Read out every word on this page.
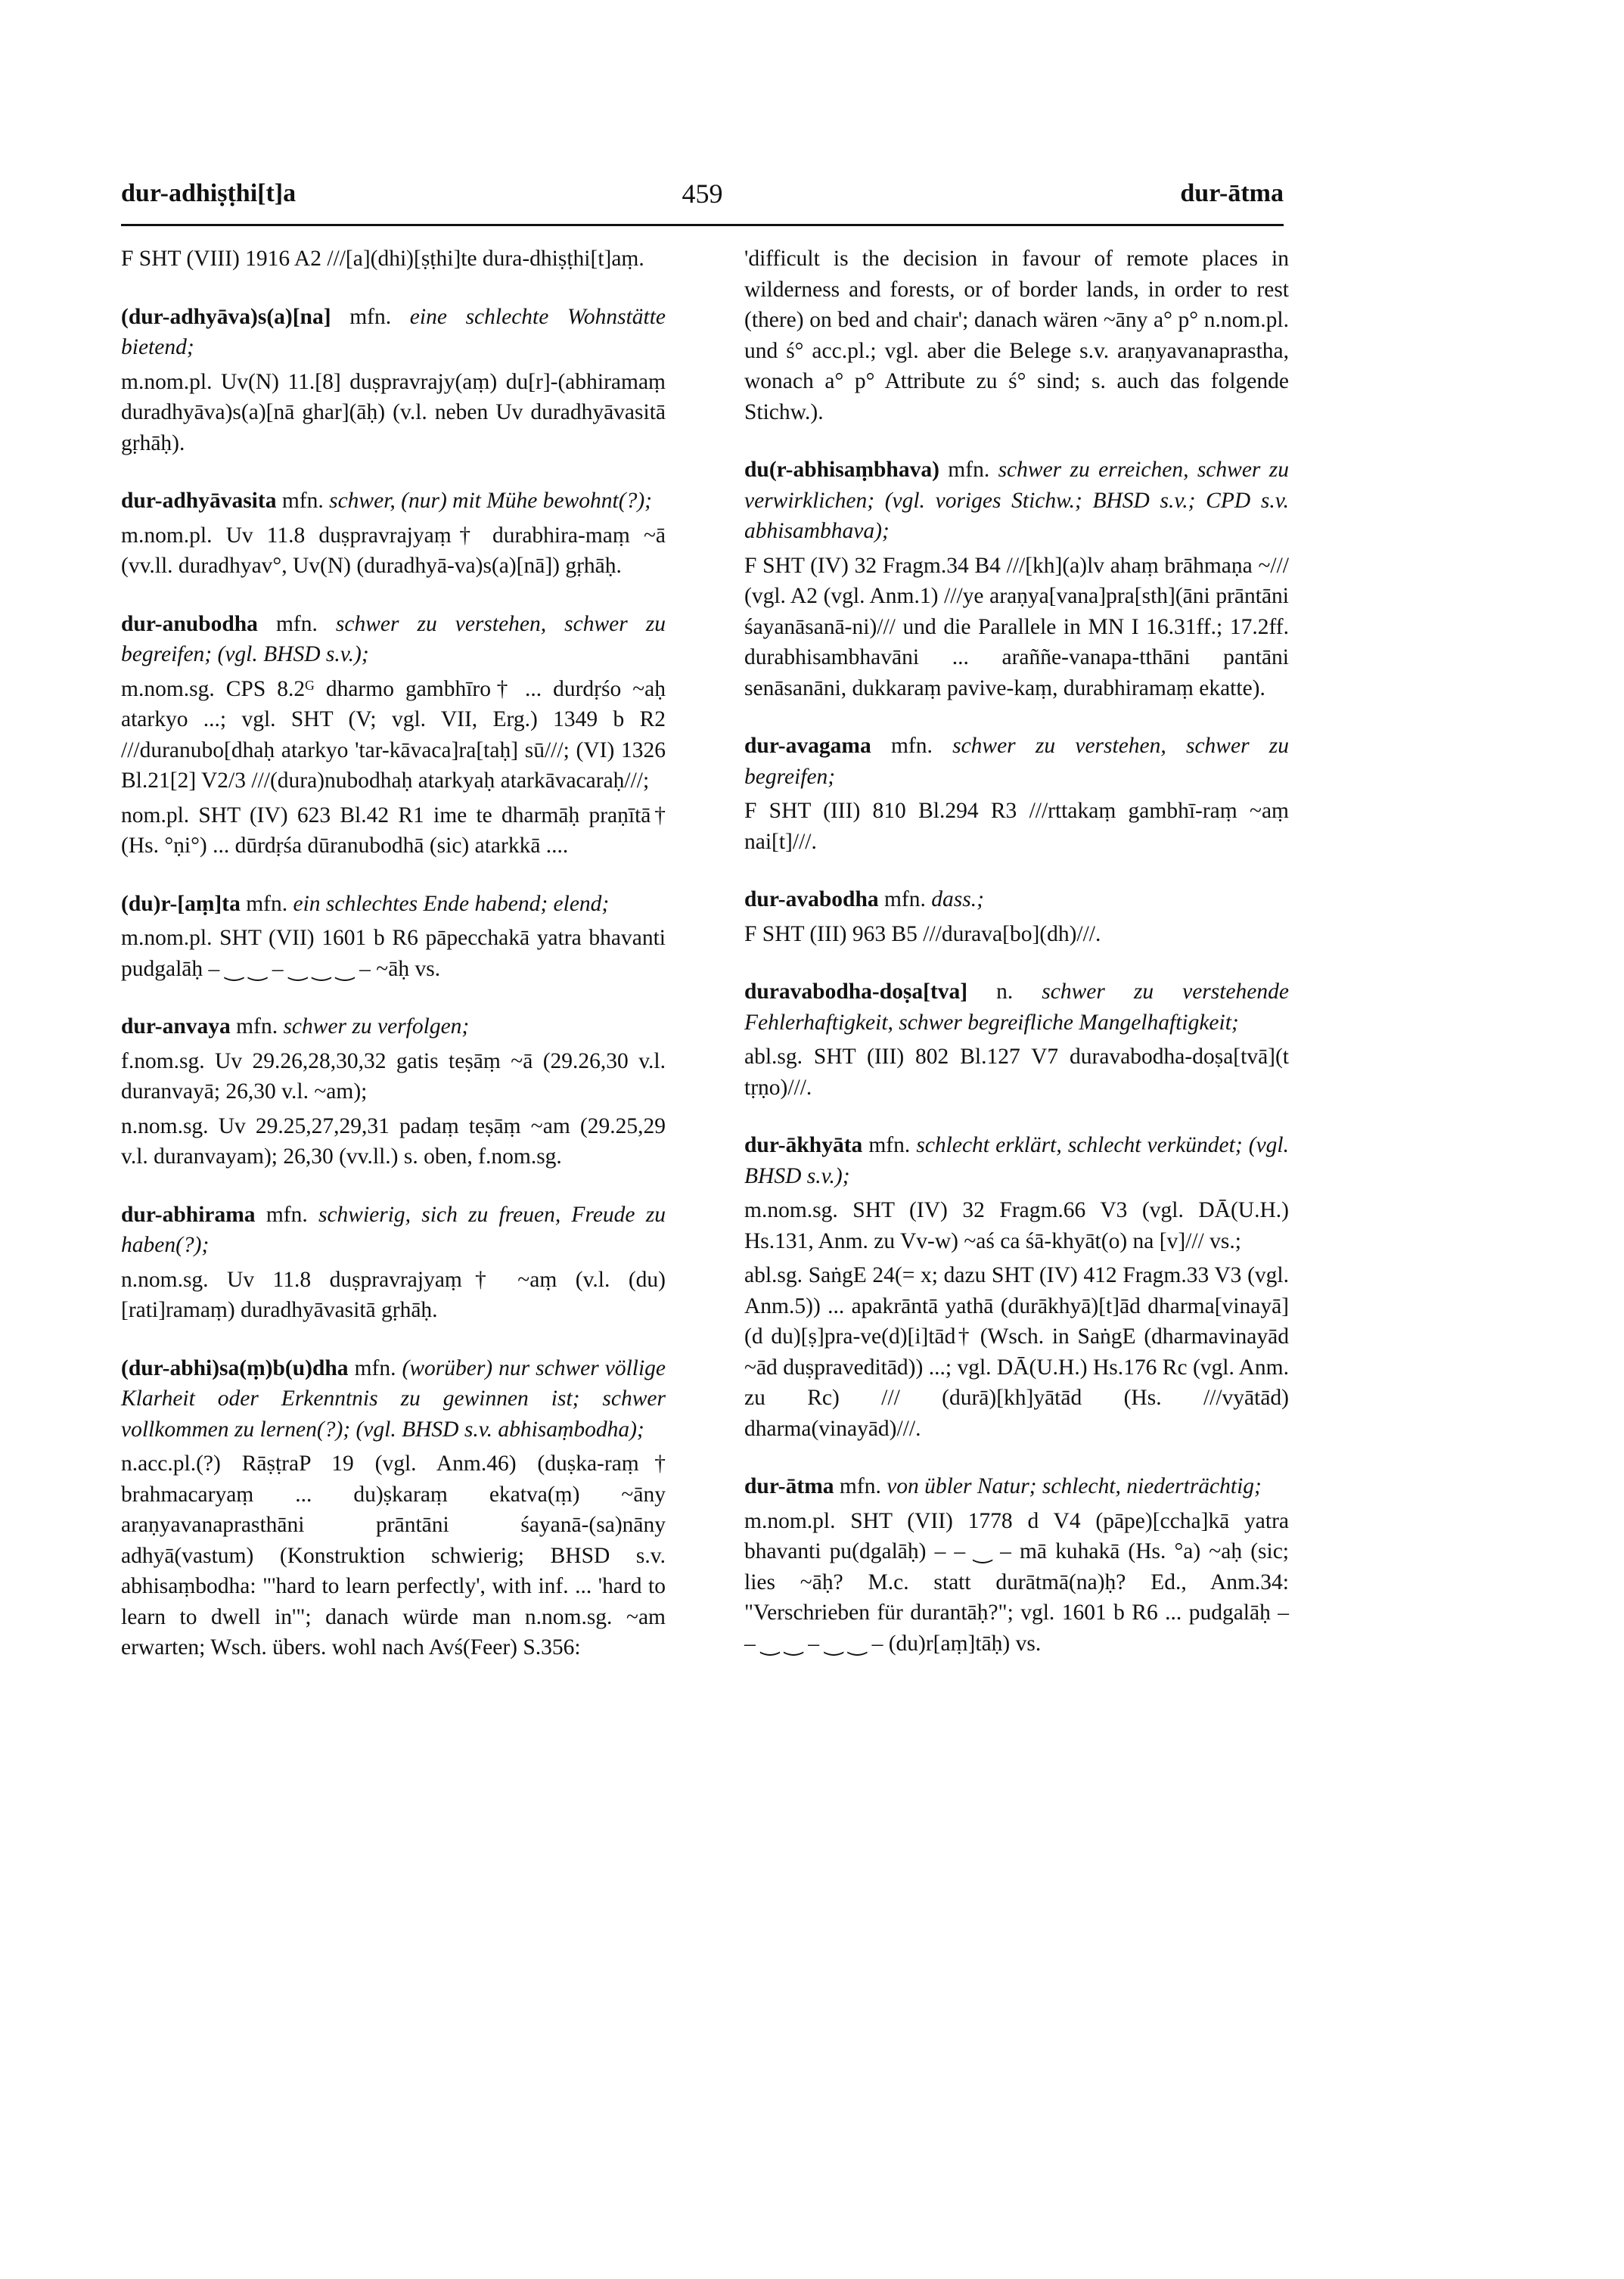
dur-adhiṣṭhi[t]a	459	dur-ātma

F SHT (VIII) 1916 A2 ///[a](dhi)[ṣṭhi]te dura-dhiṣṭhi[t]aṃ.

(dur-adhyāva)s(a)[na] mfn. eine schlechte Wohnstätte bietend;

m.nom.pl. Uv(N) 11.[8] duṣpravrajy(aṃ) du[r]-(abhiramaṃ duradhyāva)s(a)[nā ghar](āḥ) (v.l. neben Uv duradhyāvasitā gṛhāḥ).

dur-adhyāvasita mfn. schwer, (nur) mit Mühe bewohnt(?);

m.nom.pl. Uv 11.8 duṣpravrajyaṃ† durabhira-maṃ ~ā (vv.ll. duradhyav°, Uv(N) (duradhyā-va)s(a)[nā]) gṛhāḥ.

dur-anubodha mfn. schwer zu verstehen, schwer zu begreifen; (vgl. BHSD s.v.);

m.nom.sg. CPS 8.2ᴳ dharmo gambhīro† ... durdṛśo ~aḥ atarkyo ...; vgl. SHT (V; vgl. VII, Erg.) 1349 b R2 ///duranubo[dhaḥ atarkyo 'tar-kāvaca]ra[taḥ] sū///; (VI) 1326 Bl.21[2] V2/3 ///(dura)nubodhaḥ atarkyaḥ atarkāvacaraḥ///;

nom.pl. SHT (IV) 623 Bl.42 R1 ime te dharmāḥ praṇītā† (Hs. °ṇi°) ... dūrdṛśa dūranubodhā (sic) atarkkā ....

(du)r-[aṃ]ta mfn. ein schlechtes Ende habend; elend;

m.nom.pl. SHT (VII) 1601 b R6 pāpecchakā yatra bhavanti pudgalāḥ ‒ ‿ ‿ ‒ ‿ ‿ ‿ ‒ ~āḥ vs.

dur-anvaya mfn. schwer zu verfolgen;

f.nom.sg. Uv 29.26,28,30,32 gatis teṣāṃ ~ā (29.26,30 v.l. duranvayā; 26,30 v.l. ~am);

n.nom.sg. Uv 29.25,27,29,31 padaṃ teṣāṃ ~am (29.25,29 v.l. duranvayam); 26,30 (vv.ll.) s. oben, f.nom.sg.

dur-abhirama mfn. schwierig, sich zu freuen, Freude zu haben(?);

n.nom.sg. Uv 11.8 duṣpravrajyaṃ† ~aṃ (v.l. (du)[rati]ramaṃ) duradhyāvasitā gṛhāḥ.

(dur-abhi)sa(ṃ)b(u)dha mfn. (worüber) nur schwer völlige Klarheit oder Erkenntnis zu gewinnen ist; schwer vollkommen zu lernen(?); (vgl. BHSD s.v. abhisaṃbodha);

n.acc.pl.(?) RāṣṭraP 19 (vgl. Anm.46) (duṣka-raṃ† brahmacaryaṃ ... du)ṣkaraṃ ekatva(ṃ) ~āny araṇyavanaprasthāni prāntāni śayanā-(sa)nāny adhyā(vastum) (Konstruktion schwierig; BHSD s.v. abhisaṃbodha: "'hard to learn perfectly', with inf. ... 'hard to learn to dwell in'"; danach würde man n.nom.sg. ~am erwarten; Wsch. übers. wohl nach Avś(Feer) S.356:

'difficult is the decision in favour of remote places in wilderness and forests, or of border lands, in order to rest (there) on bed and chair'; danach wären ~āny a° p° n.nom.pl. und ś° acc.pl.; vgl. aber die Belege s.v. araṇyavanaprastha, wonach a° p° Attribute zu ś° sind; s. auch das folgende Stichw.).

du(r-abhisaṃbhava) mfn. schwer zu erreichen, schwer zu verwirklichen; (vgl. voriges Stichw.; BHSD s.v.; CPD s.v. abhisambhava);

F SHT (IV) 32 Fragm.34 B4 ///[kh](a)lv ahaṃ brāhmaṇa ~/// (vgl. A2 (vgl. Anm.1) ///ye araṇya[vana]pra[sth](āni prāntāni śayanāsanā-ni)/// und die Parallele in MN I 16.31ff.; 17.2ff. durabhisambhavāni ... araññe-vanapa-tthāni pantāni senāsanāni, dukkaraṃ pavive-kaṃ, durabhiramaṃ ekatte).

dur-avagama mfn. schwer zu verstehen, schwer zu begreifen;

F SHT (III) 810 Bl.294 R3 ///rttakaṃ gambhī-raṃ ~aṃ nai[t]///.

dur-avabodha mfn. dass.;

F SHT (III) 963 B5 ///durava[bo](dh)///.

duravabodha-doṣa[tva] n. schwer zu verstehende Fehlerhaftigkeit, schwer begreifliche Mangelhaftigkeit;

abl.sg. SHT (III) 802 Bl.127 V7 duravabodha-doṣa[tvā](t tṛṇo)///.

dur-ākhyāta mfn. schlecht erklärt, schlecht verkündet; (vgl. BHSD s.v.);

m.nom.sg. SHT (IV) 32 Fragm.66 V3 (vgl. DĀ(U.H.) Hs.131, Anm. zu Vv-w) ~aś ca śā-khyāt(o) na [v]/// vs.;

abl.sg. SaṅgE 24(= x; dazu SHT (IV) 412 Fragm.33 V3 (vgl. Anm.5)) ... apakrāntā yathā (durākhyā)[t]ād dharma[vinayā](d du)[ṣ]pra-ve(d)[i]tād† (Wsch. in SaṅgE (dharmavinayād ~ād duṣpraveditād)) ...; vgl. DĀ(U.H.) Hs.176 Rc (vgl. Anm. zu Rc) /// (durā)[kh]yātād (Hs. ///vyātād) dharma(vinayād)///.

dur-ātma mfn. von übler Natur; schlecht, niederträchtig;

m.nom.pl. SHT (VII) 1778 d V4 (pāpe)[ccha]kā yatra bhavanti pu(dgalāḥ) ‒ ‒ ‿ ‒ mā kuhakā (Hs. °a) ~aḥ (sic; lies ~āḥ? M.c. statt durātmā(na)ḥ? Ed., Anm.34: "Verschrieben für durantāḥ?"; vgl. 1601 b R6 ... pudgalāḥ ‒ ‒ ‿ ‿ ‒ ‿ ‿ ‒ (du)r[aṃ]tāḥ) vs.
